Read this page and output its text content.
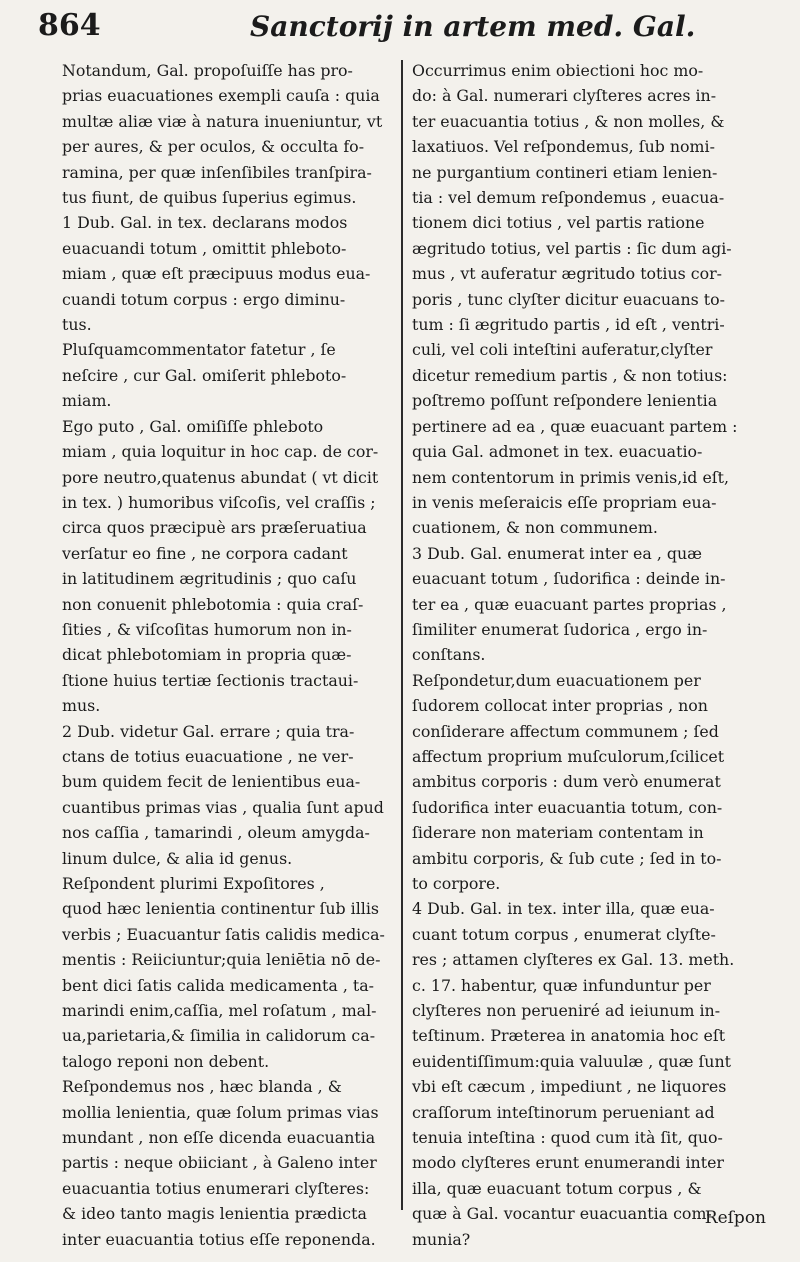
864	Sanctorij in artem med. Gal.
Notandum, Gal. propoſuiſſe has pro-
prias euacuationes exempli cauſa : quia
multæ aliæ viæ à natura inueniuntur, vt
per aures, & per oculos, & occulta fo-
ramina, per quæ inſenſibiles tranſpira-
tus fiunt, de quibus ſuperius egimus.
1 Dub. Gal. in tex. declarans modos
euacuandi totum , omittit phleboto-
miam , quæ eſt præcipuus modus eua-
cuandi totum corpus : ergo diminu-
tus.
Pluſquamcommentator fatetur , ſe
neſcire , cur Gal. omiſerit phleboto-
miam.
Ego puto , Gal. omiſiſſe phleboto
miam , quia loquitur in hoc cap. de cor-
pore neutro,quatenus abundat ( vt dicit
in tex. ) humoribus viſcoſis, vel craſſis ;
circa quos præcipuè ars præſeruatiua
verſatur eo fine , ne corpora cadant
in latitudinem ægritudinis ; quo caſu
non conuenit phlebotomia : quia craſ-
ſities , & viſcoſitas humorum non in-
dicat phlebotomiam in propria quæ-
ſtione huius tertiæ ſectionis tractaui-
mus.
2 Dub. videtur Gal. errare ; quia tra-
ctans de totius euacuatione , ne ver-
bum quidem fecit de lenientibus eua-
cuantibus primas vias , qualia ſunt apud
nos caſſia , tamarindi , oleum amygda-
linum dulce, & alia id genus.
Reſpondent plurimi Expoſitores ,
quod hæc lenientia continentur ſub illis
verbis ; Euacuantur ſatis calidis medica-
mentis : Reiiciuntur;quia leniētia nō de-
bent dici ſatis calida medicamenta , ta-
marindi enim,caſſia, mel roſatum , mal-
ua,parietaria,& ſimilia in calidorum ca-
talogo reponi non debent.
Reſpondemus nos , hæc blanda , &
mollia lenientia, quæ ſolum primas vias
mundant , non eſſe dicenda euacuantia
partis : neque obiiciant , à Galeno inter
euacuantia totius enumerari clyſteres:
& ideo tanto magis lenientia prædicta
inter euacuantia totius eſſe reponenda.
Occurrimus enim obiectioni hoc mo-
do: à Gal. numerari clyſteres acres in-
ter euacuantia totius , & non molles, &
laxatiuos. Vel reſpondemus, ſub nomi-
ne purgantium contineri etiam lenien-
tia : vel demum reſpondemus , euacua-
tionem dici totius , vel partis ratione
ægritudo totius, vel partis : ſic dum agi-
mus , vt auferatur ægritudo totius cor-
poris , tunc clyſter dicitur euacuans to-
tum : ſi ægritudo partis , id eſt , ventri-
culi, vel coli inteſtini auferatur,clyſter
dicetur remedium partis , & non totius:
poſtremo poſſunt reſpondere lenientia
pertinere ad ea , quæ euacuant partem :
quia Gal. admonet in tex. euacuatio-
nem contentorum in primis venis,id eſt,
in venis meſeraicis eſſe propriam eua-
cuationem, & non communem.
3 Dub. Gal. enumerat inter ea , quæ
euacuant totum , ſudorifica : deinde in-
ter ea , quæ euacuant partes proprias ,
ſimiliter enumerat ſudorica , ergo in-
conſtans.
Reſpondetur,dum euacuationem per
ſudorem collocat inter proprias , non
conſiderare affectum communem ; ſed
affectum proprium muſculorum,ſcilicet
ambitus corporis : dum verò enumerat
ſudorifica inter euacuantia totum, con-
ſiderare non materiam contentam in
ambitu corporis, & ſub cute ; ſed in to-
to corpore.
4 Dub. Gal. in tex. inter illa, quæ eua-
cuant totum corpus , enumerat clyſte-
res ; attamen clyſteres ex Gal. 13. meth.
c. 17. habentur, quæ infunduntur per
clyſteres non perueniré ad ieiunum in-
teſtinum. Præterea in anatomia hoc eſt
euidentiſſimum:quia valuulæ , quæ ſunt
vbi eſt cæcum , impediunt , ne liquores
craſſorum inteſtinorum perueniant ad
tenuia inteſtina : quod cum ità ſit, quo-
modo clyſteres erunt enumerandi inter
illa, quæ euacuant totum corpus , &
quæ à Gal. vocantur euacuantia com-
munia?
Reſpon
